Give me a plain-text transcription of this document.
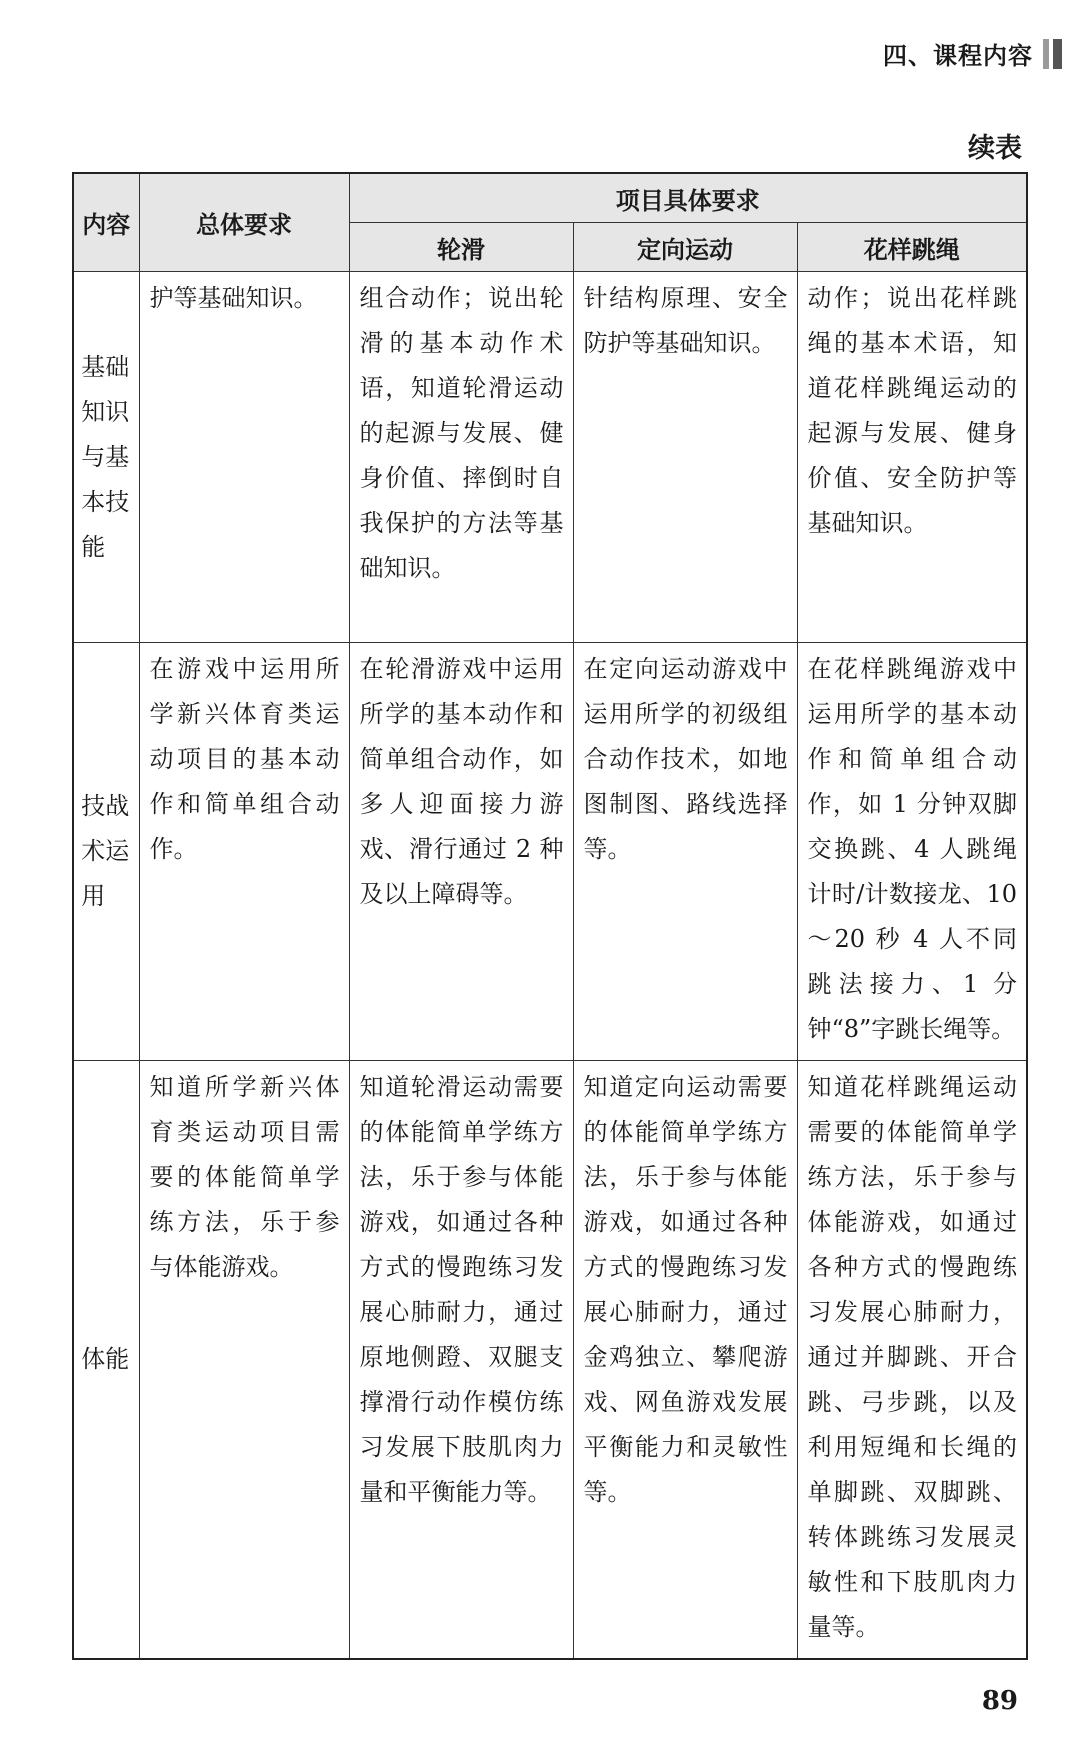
四、课程内容
续表
内容	总体要求	项目具体要求		
		轮滑	定向运动	花样跳绳
基础知识与基本技能	护等基础知识。	组合动作；说出轮滑的基本动作术语，知道轮滑运动的起源与发展、健身价值、摔倒时自我保护的方法等基础知识。	针结构原理、安全防护等基础知识。	动作；说出花样跳绳的基本术语，知道花样跳绳运动的起源与发展、健身价值、安全防护等基础知识。
技战术运用	在游戏中运用所学新兴体育类运动项目的基本动作和简单组合动作。	在轮滑游戏中运用所学的基本动作和简单组合动作，如多人迎面接力游戏、滑行通过 2 种及以上障碍等。	在定向运动游戏中运用所学的初级组合动作技术，如地图制图、路线选择等。	在花样跳绳游戏中运用所学的基本动作和简单组合动作，如 1 分钟双脚交换跳、4 人跳绳计时/计数接龙、10～20 秒 4 人不同跳法接力、1 分钟“8”字跳长绳等。
体能	知道所学新兴体育类运动项目需要的体能简单学练方法，乐于参与体能游戏。	知道轮滑运动需要的体能简单学练方法，乐于参与体能游戏，如通过各种方式的慢跑练习发展心肺耐力，通过原地侧蹬、双腿支撑滑行动作模仿练习发展下肢肌肉力量和平衡能力等。	知道定向运动需要的体能简单学练方法，乐于参与体能游戏，如通过各种方式的慢跑练习发展心肺耐力，通过金鸡独立、攀爬游戏、网鱼游戏发展平衡能力和灵敏性等。	知道花样跳绳运动需要的体能简单学练方法，乐于参与体能游戏，如通过各种方式的慢跑练习发展心肺耐力，通过并脚跳、开合跳、弓步跳，以及利用短绳和长绳的单脚跳、双脚跳、转体跳练习发展灵敏性和下肢肌肉力量等。
89
